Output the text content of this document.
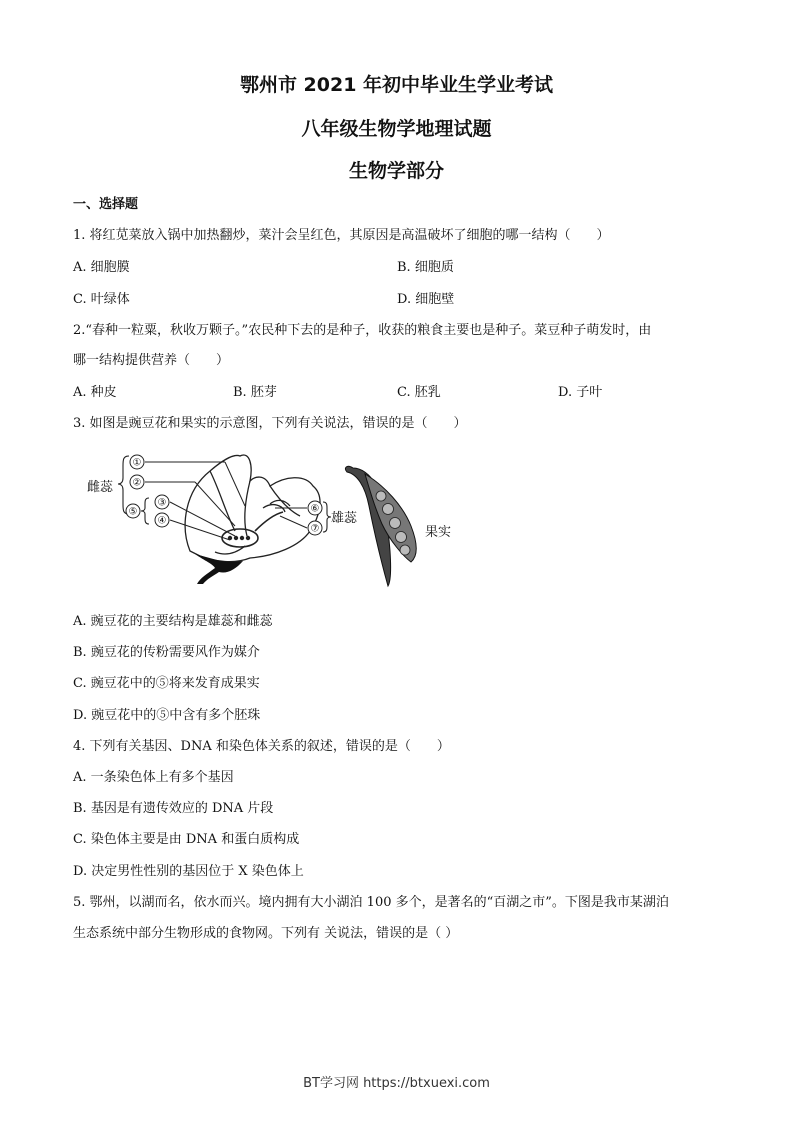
鄂州市 2021 年初中毕业生学业考试
八年级生物学地理试题
生物学部分
一、选择题
1. 将红苋菜放入锅中加热翻炒，菜汁会呈红色，其原因是高温破坏了细胞的哪一结构（　　）
A. 细胞膜	B. 细胞质
C. 叶绿体	D. 细胞壁
2.“春种一粒粟，秋收万颗子。”农民种下去的是种子，收获的粮食主要也是种子。菜豆种子萌发时，由
哪一结构提供营养（　　）
A. 种皮	B. 胚芽	C. 胚乳	D. 子叶
3. 如图是豌豆花和果实的示意图，下列有关说法，错误的是（　　）
①
②
③
④
⑤	⑥
⑦
雌蕊
雄蕊
果实
A. 豌豆花的主要结构是雄蕊和雌蕊
B. 豌豆花的传粉需要风作为媒介
C. 豌豆花中的⑤将来发育成果实
D. 豌豆花中的⑤中含有多个胚珠
4. 下列有关基因、DNA 和染色体关系的叙述，错误的是（　　）
A. 一条染色体上有多个基因
B. 基因是有遗传效应的 DNA 片段
C. 染色体主要是由 DNA 和蛋白质构成
D. 决定男性性别的基因位于 X 染色体上
5. 鄂州，以湖而名，依水而兴。境内拥有大小湖泊 100 多个，是著名的“百湖之市”。下图是我市某湖泊
生态系统中部分生物形成的食物网。下列有 关说法，错误的是（ ）
BT学习网 https://btxuexi.com
